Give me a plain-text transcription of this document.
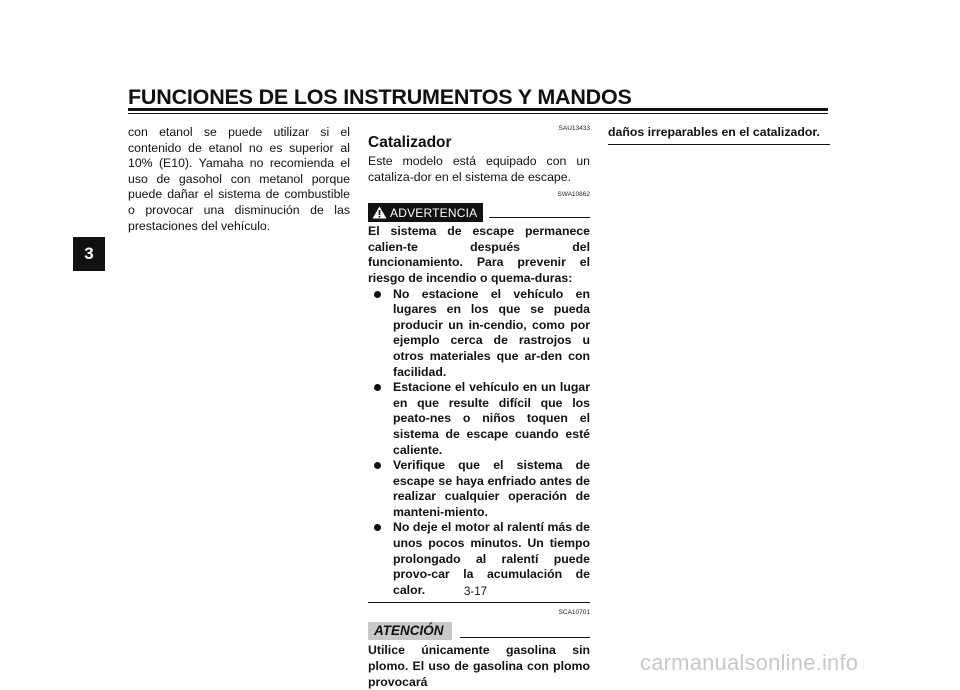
FUNCIONES DE LOS INSTRUMENTOS Y MANDOS
3

con etanol se puede utilizar si el contenido de etanol no es superior al 10% (E10). Yamaha no recomienda el uso de gasohol con metanol porque puede dañar el sistema de combustible o provocar una disminución de las prestaciones del vehículo.

SAU13433
Catalizador

Este modelo está equipado con un cataliza-dor en el sistema de escape.

SWA10862
ADVERTENCIA

El sistema de escape permanece calien-te después del funcionamiento. Para prevenir el riesgo de incendio o quema-duras:

No estacione el vehículo en lugares en los que se pueda producir un in-cendio, como por ejemplo cerca de rastrojos u otros materiales que ar-den con facilidad.
Estacione el vehículo en un lugar en que resulte difícil que los peato-nes o niños toquen el sistema de escape cuando esté caliente.
Verifique que el sistema de escape se haya enfriado antes de realizar cualquier operación de manteni-miento.
No deje el motor al ralentí más de unos pocos minutos. Un tiempo prolongado al ralentí puede provo-car la acumulación de calor.
SCA10701
ATENCIÓN

Utilice únicamente gasolina sin plomo. El uso de gasolina con plomo provocará

daños irreparables en el catalizador.
3-17
carmanualsonline.info
